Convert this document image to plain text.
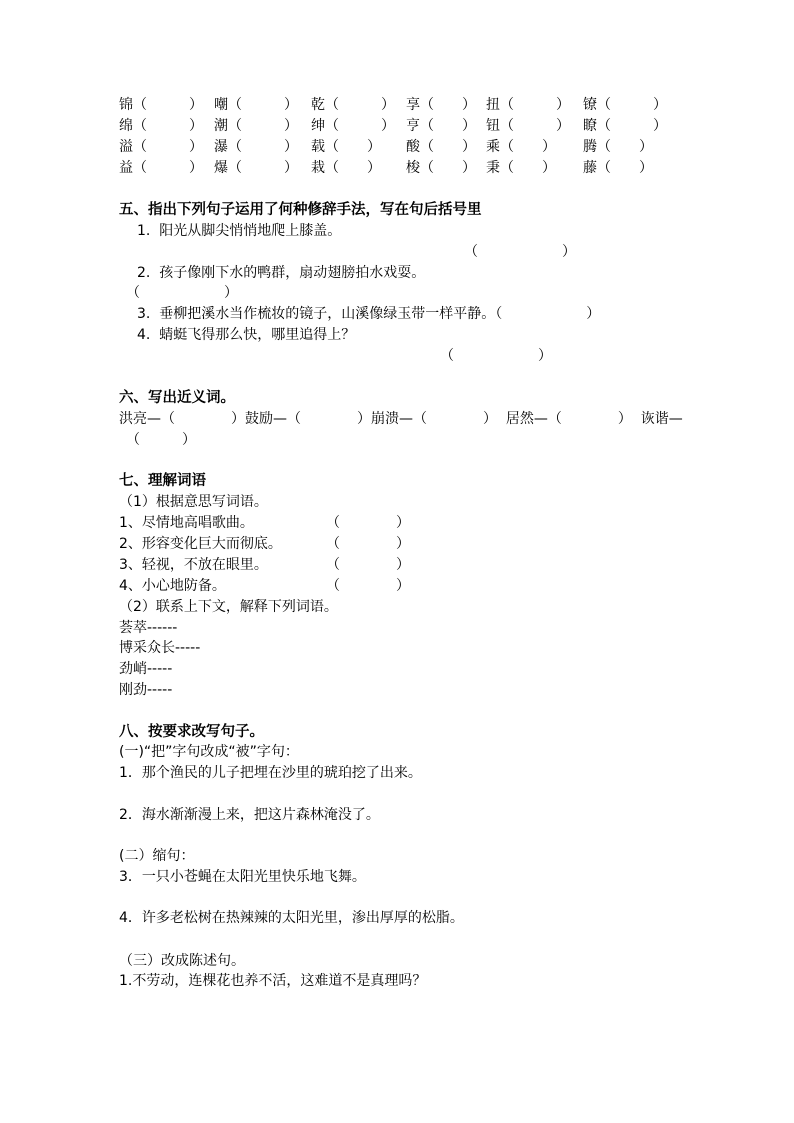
锦（　　　） 嘲（　　　） 乾（　　　） 享（　　） 扭（　　　） 镣（　　　）
绵（　　　） 潮（　　　） 绅（　　　） 亨（　　） 钮（　　　） 瞭（　　　）
溢（　　　） 瀑（　　　） 载（　　） 酸（　　） 乘（　　） 腾（　　）
益（　　　） 爆（　　　） 栽（　　） 梭（　　） 秉（　　） 藤（　　）
五、指出下列句子运用了何种修辞手法，写在句后括号里
1.  阳光从脚尖悄悄地爬上膝盖。
（　　　　　　）
2.  孩子像刚下水的鸭群，扇动翅膀拍水戏耍。
（　　　　　　）
3.  垂柳把溪水当作梳妆的镜子，山溪像绿玉带一样平静。（　　　　　　）
4.  蜻蜓飞得那么快，哪里追得上？
（　　　　　　）
六、写出近义词。
洪亮—（　　　　）鼓励—（　　　　）崩溃—（　　　　）  居然—（　　　　）  诙谐—
（　　　）
七、理解词语
（1）根据意思写词语。
1、尽情地高唱歌曲。	（　　　　）
2、形容变化巨大而彻底。	（　　　　）
3、轻视，不放在眼里。	（　　　　）
4、小心地防备。	（　　　　）
（2）联系上下文，解释下列词语。
荟萃------
博采众长-----
劲峭-----
刚劲-----
八、按要求改写句子。
(一)“把”字句改成“被”字句：
1．那个渔民的儿子把埋在沙里的琥珀挖了出来。
2．海水渐渐漫上来，把这片森林淹没了。
(二）缩句：
3．一只小苍蝇在太阳光里快乐地飞舞。
4．许多老松树在热辣辣的太阳光里，渗出厚厚的松脂。
（三）改成陈述句。
1.不劳动，连棵花也养不活，这难道不是真理吗？
